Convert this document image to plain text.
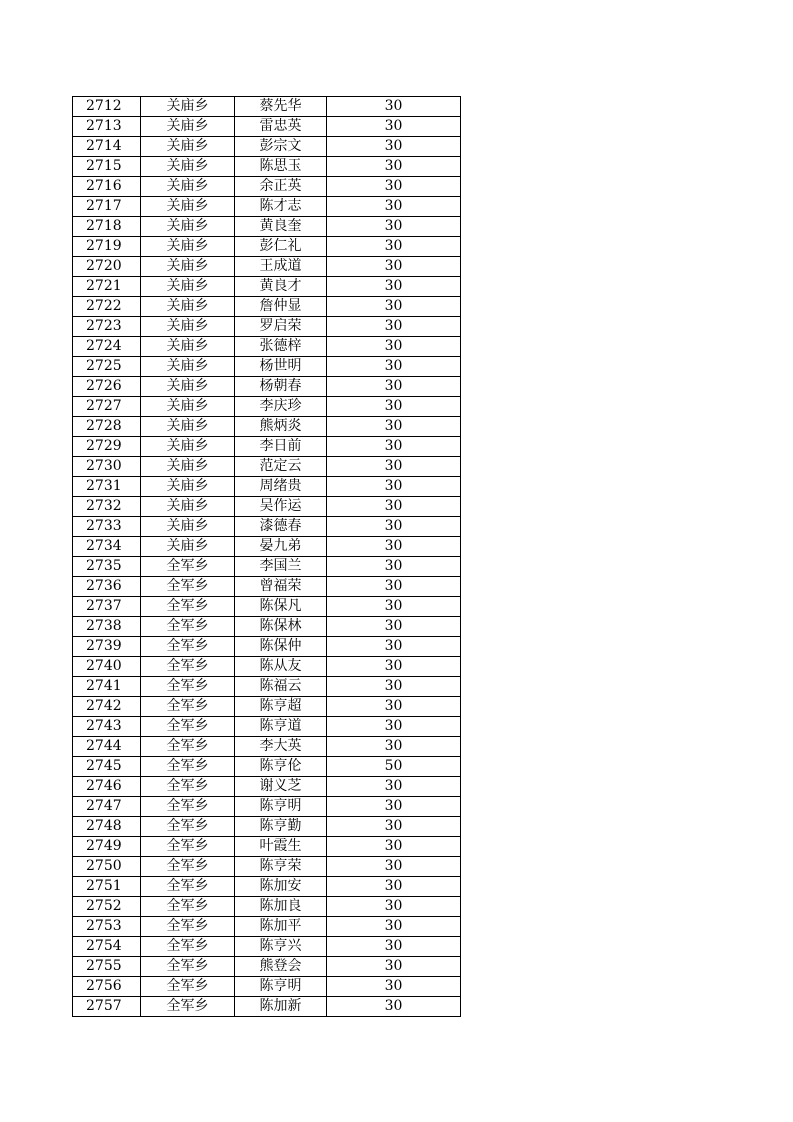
2712	关庙乡	蔡先华	30
2713	关庙乡	雷忠英	30
2714	关庙乡	彭宗文	30
2715	关庙乡	陈思玉	30
2716	关庙乡	余正英	30
2717	关庙乡	陈才志	30
2718	关庙乡	黄良奎	30
2719	关庙乡	彭仁礼	30
2720	关庙乡	王成道	30
2721	关庙乡	黄良才	30
2722	关庙乡	詹仲显	30
2723	关庙乡	罗启荣	30
2724	关庙乡	张德梓	30
2725	关庙乡	杨世明	30
2726	关庙乡	杨朝春	30
2727	关庙乡	李庆珍	30
2728	关庙乡	熊炳炎	30
2729	关庙乡	李日前	30
2730	关庙乡	范定云	30
2731	关庙乡	周绪贵	30
2732	关庙乡	吴作运	30
2733	关庙乡	漆德春	30
2734	关庙乡	晏九弟	30
2735	全军乡	李国兰	30
2736	全军乡	曾福荣	30
2737	全军乡	陈保凡	30
2738	全军乡	陈保林	30
2739	全军乡	陈保仲	30
2740	全军乡	陈从友	30
2741	全军乡	陈福云	30
2742	全军乡	陈亨超	30
2743	全军乡	陈亨道	30
2744	全军乡	李大英	30
2745	全军乡	陈亨伦	50
2746	全军乡	谢义芝	30
2747	全军乡	陈亨明	30
2748	全军乡	陈亨勤	30
2749	全军乡	叶霞生	30
2750	全军乡	陈亨荣	30
2751	全军乡	陈加安	30
2752	全军乡	陈加良	30
2753	全军乡	陈加平	30
2754	全军乡	陈亨兴	30
2755	全军乡	熊登会	30
2756	全军乡	陈亨明	30
2757	全军乡	陈加新	30
